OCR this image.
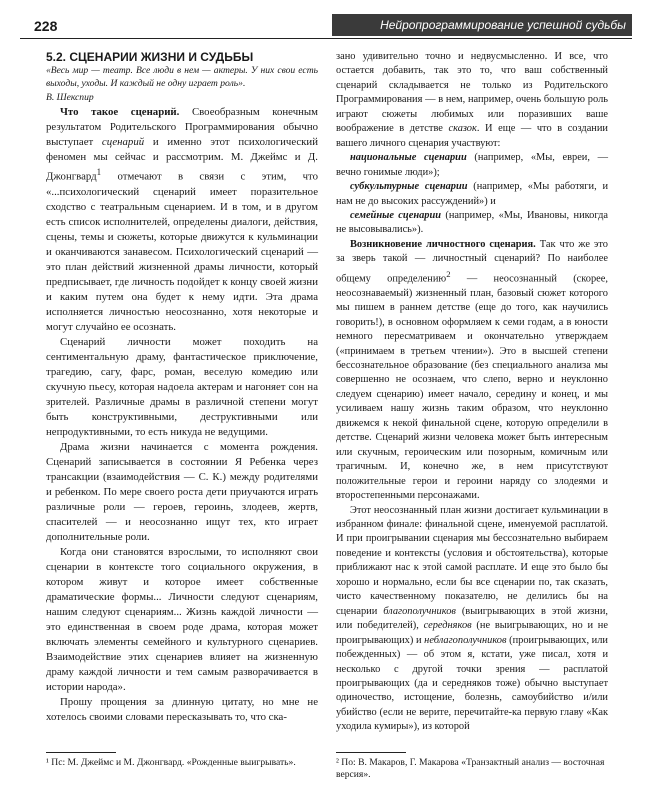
228	Нейропрограммирование успешной судьбы

5.2. СЦЕНАРИИ ЖИЗНИ И СУДЬБЫ

«Весь мир — театр. Все люди в нем — актеры. У них свои есть выходы, уходы. И каждый не одну играет роль».

В. Шекспир

Что такое сценарий. Своеобразным конечным результатом Родительского Программирования обычно выступает сценарий и именно этот психологический феномен мы сейчас и рассмотрим. М. Джеймс и Д. Джонгвард$^1$ отмечают в связи с этим, что «...психологический сценарий имеет поразительное сходство с театральным сценарием. И в том, и в другом есть список исполнителей, определены диалоги, действия, сцены, темы и сюжеты, которые движутся к кульминации и оканчиваются занавесом. Психологический сценарий — это план действий жизненной драмы личности, который предписывает, где личность подойдет к концу своей жизни и каким путем она будет к нему идти. Эта драма исполняется личностью неосознанно, хотя некоторые и могут случайно ее осознать.

Сценарий личности может походить на сентиментальную драму, фантастическое приключение, трагедию, сагу, фарс, роман, веселую комедию или скучную пьесу, которая надоела актерам и нагоняет сон на зрителей. Различные драмы в различной степени могут быть конструктивными, деструктивными или непродуктивными, то есть никуда не ведущими.

Драма жизни начинается с момента рождения. Сценарий записывается в состоянии Я Ребенка через трансакции (взаимодействия — С. К.) между родителями и ребенком. По мере своего роста дети приучаются играть различные роли — героев, героинь, злодеев, жертв, спасителей — и неосознанно ищут тех, кто играет дополнительные роли.

Когда они становятся взрослыми, то исполняют свои сценарии в контексте того социального окружения, в котором живут и которое имеет собственные драматические формы... Личности следуют сценариям, нашим следуют сценариям... Жизнь каждой личности — это единственная в своем роде драма, которая может включать элементы семейного и культурного сценариев. Взаимодействие этих сценариев влияет на жизненную драму каждой личности и тем самым разворачивается в истории народа».

Прошу прощения за длинную цитату, но мне не хотелось своими словами пересказывать то, что ска-

зано удивительно точно и недвусмысленно. И все, что остается добавить, так это то, что ваш собственный сценарий складывается не только из Родительского Программирования — в нем, например, очень большую роль играют сюжеты любимых или поразивших ваше воображение в детстве сказок. И еще — что в создании вашего личного сценария участвуют:

национальные сценарии (например, «Мы, евреи, — вечно гонимые люди»);

субкультурные сценарии (например, «Мы работяги, и нам не до высоких рассуждений») и

семейные сценарии (например, «Мы, Ивановы, никогда не высовывались»).

Возникновение личностного сценария. Так что же это за зверь такой — личностный сценарий? По наиболее общему определению$^2$ — неосознанный (скорее, неосознаваемый) жизненный план, базовый сюжет которого мы пишем в раннем детстве (еще до того, как научились говорить!), в основном оформляем к семи годам, а в юности немного пересматриваем и окончательно утверждаем («принимаем в третьем чтении»). Это в высшей степени бессознательное образование (без специального анализа мы совершенно не осознаем, что слепо, верно и неуклонно следуем сценарию) имеет начало, середину и конец, и мы усиливаем нашу жизнь таким образом, что неуклонно движемся к некой финальной сцене, которую определили в детстве. Сценарий жизни человека может быть интересным или скучным, героическим или позорным, комичным или трагичным. И, конечно же, в нем присутствуют положительные герои и героини наряду со злодеями и второстепенными персонажами.

Этот неосознанный план жизни достигает кульминации в избранном финале: финальной сцене, именуемой расплатой. И при проигрывании сценария мы бессознательно выбираем поведение и контексты (условия и обстоятельства), которые приближают нас к этой самой расплате. И еще это было бы хорошо и нормально, если бы все сценарии по, так сказать, чисто качественному показателю, не делились бы на сценарии благополучников (выигрывающих в этой жизни, или победителей), середняков (не выигрывающих, но и не проигрывающих) и неблагополучников (проигрывающих, или побежденных) — об этом я, кстати, уже писал, хотя и несколько с другой точки зрения — расплатой проигрывающих (да и середняков тоже) обычно выступает одиночество, истощение, болезнь, самоубийство и/или убийство (если не верите, перечитайте-ка первую главу «Как уходила кумиры»), из которой

¹ Пс: М. Джеймс и М. Джонгвард. «Рожденные выигрывать».	² По: В. Макаров, Г. Макарова «Транзактный анализ — восточная версия».
